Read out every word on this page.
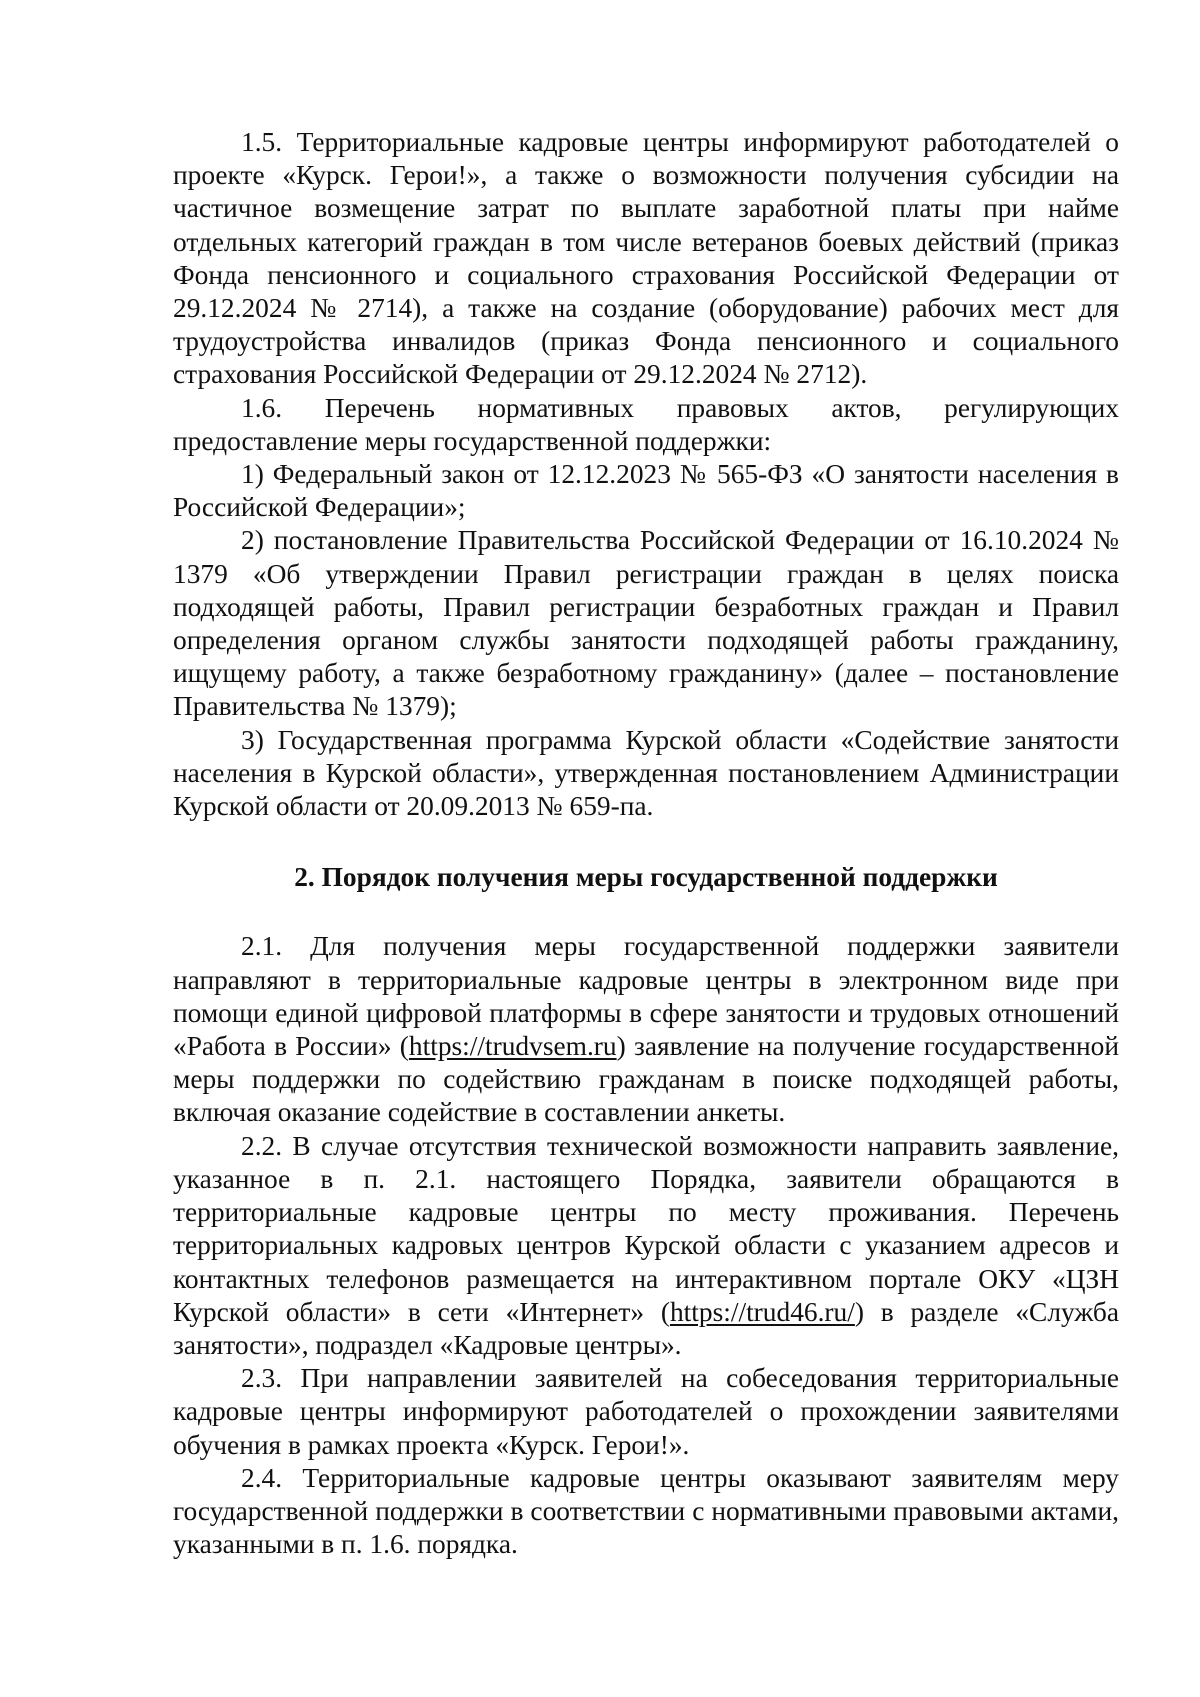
1.5. Территориальные кадровые центры информируют работодателей о проекте «Курск. Герои!», а также о возможности получения субсидии на частичное возмещение затрат по выплате заработной платы при найме отдельных категорий граждан в том числе ветеранов боевых действий (приказ Фонда пенсионного и социального страхования Российской Федерации от 29.12.2024 № 2714), а также на создание (оборудование) рабочих мест для трудоустройства инвалидов (приказ Фонда пенсионного и социального страхования Российской Федерации от 29.12.2024 № 2712).

1.6. Перечень нормативных правовых актов, регулирующих предоставление меры государственной поддержки:

1) Федеральный закон от 12.12.2023 № 565-ФЗ «О занятости населения в Российской Федерации»;

2) постановление Правительства Российской Федерации от 16.10.2024 № 1379 «Об утверждении Правил регистрации граждан в целях поиска подходящей работы, Правил регистрации безработных граждан и Правил определения органом службы занятости подходящей работы гражданину, ищущему работу, а также безработному гражданину» (далее – постановление Правительства № 1379);

3) Государственная программа Курской области «Содействие занятости населения в Курской области», утвержденная постановлением Администрации Курской области от 20.09.2013 № 659-па.

2. Порядок получения меры государственной поддержки

2.1. Для получения меры государственной поддержки заявители направляют в территориальные кадровые центры в электронном виде при помощи единой цифровой платформы в сфере занятости и трудовых отношений «Работа в России» (https://trudvsem.ru) заявление на получение государственной меры поддержки по содействию гражданам в поиске подходящей работы, включая оказание содействие в составлении анкеты.

2.2. В случае отсутствия технической возможности направить заявление, указанное в п. 2.1. настоящего Порядка, заявители обращаются в территориальные кадровые центры по месту проживания. Перечень территориальных кадровых центров Курской области с указанием адресов и контактных телефонов размещается на интерактивном портале ОКУ «ЦЗН Курской области» в сети «Интернет» (https://trud46.ru/) в разделе «Служба занятости», подраздел «Кадровые центры».

2.3. При направлении заявителей на собеседования территориальные кадровые центры информируют работодателей о прохождении заявителями обучения в рамках проекта «Курск. Герои!».

2.4. Территориальные кадровые центры оказывают заявителям меру государственной поддержки в соответствии с нормативными правовыми актами, указанными в п. 1.6. порядка.
